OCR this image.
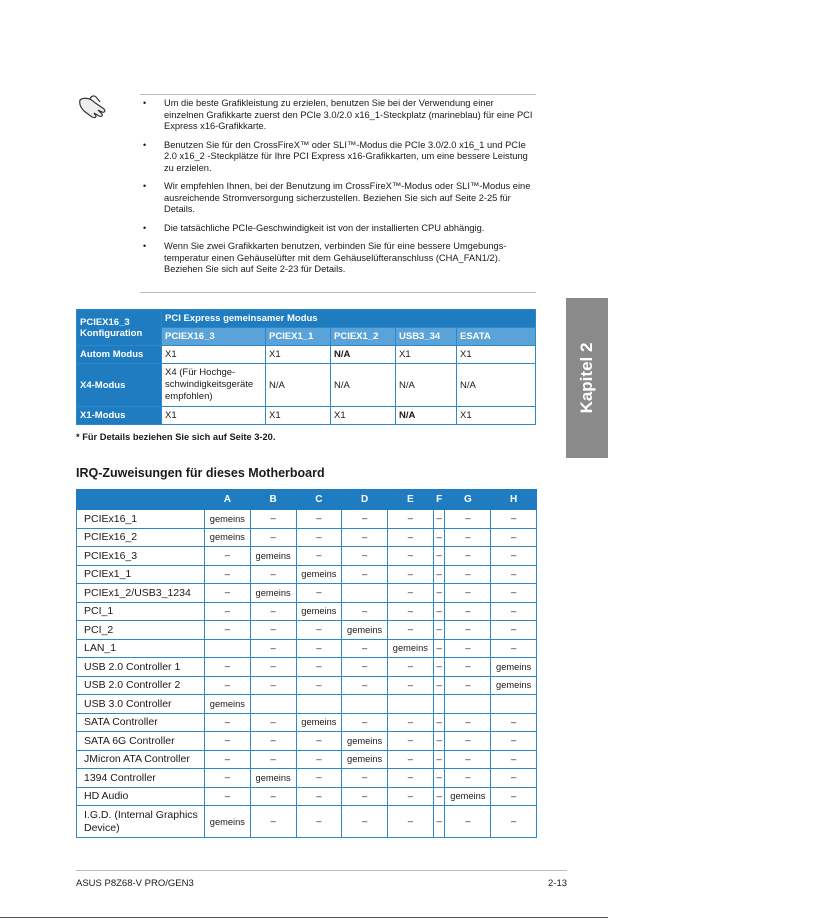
• Um die beste Grafikleistung zu erzielen, benutzen Sie bei der Verwendung einer einzelnen Grafikkarte zuerst den PCIe 3.0/2.0 x16_1-Steckplatz (marineblau) für eine PCI Express x16-Grafikkarte.
• Benutzen Sie für den CrossFireX™ oder SLI™-Modus die PCIe 3.0/2.0 x16_1 und PCIe 2.0 x16_2 -Steckplätze für Ihre PCI Express x16-Grafikkarten, um eine bessere Leistung zu erzielen.
• Wir empfehlen Ihnen, bei der Benutzung im CrossFireX™-Modus oder SLI™-Modus eine ausreichende Stromversorgung sicherzustellen. Beziehen Sie sich auf Seite 2-25 für Details.
• Die tatsächliche PCIe-Geschwindigkeit ist von der installierten CPU abhängig.
• Wenn Sie zwei Grafikkarten benutzen, verbinden Sie für eine bessere Umgebungs-temperatur einen Gehäuselüfter mit dem Gehäuselüfteranschluss (CHA_FAN1/2). Beziehen Sie sich auf Seite 2-23 für Details.
PCIEX16_3
Konfiguration	PCI Express gemeinsamer Modus				
	PCIEX16_3	PCIEX1_1	PCIEX1_2	USB3_34	ESATA
Autom Modus	X1	X1	N/A	X1	X1
X4-Modus	X4 (Für Hochge-schwindigkeitsgeräte empfohlen)	N/A	N/A	N/A	N/A
X1-Modus	X1	X1	X1	N/A	X1
* Für Details beziehen Sie sich auf Seite 3-20.
Kapitel 2
IRQ-Zuweisungen für dieses Motherboard
	A	B	C	D	E	F	G	H
PCIEx16_1	gemeins	–	–	–	–	–	–	–
PCIEx16_2	gemeins	–	–	–	–	–	–	–
PCIEx16_3	–	gemeins	–	–	–	–	–	–
PCIEx1_1	–	–	gemeins	–	–	–	–	–
PCIEx1_2/USB3_1234	–	gemeins	–		–	–	–	–
PCI_1	–	–	gemeins	–	–	–	–	–
PCI_2	–	–	–	gemeins	–	–	–	–
LAN_1		–	–	–	gemeins	–	–	–
USB 2.0 Controller 1	–	–	–	–	–	–	–	gemeins
USB 2.0 Controller 2	–	–	–	–	–	–	–	gemeins
USB 3.0 Controller	gemeins							
SATA Controller	–	–	gemeins	–	–	–	–	–
SATA 6G Controller	–	–	–	gemeins	–	–	–	–
JMicron ATA Controller	–	–	–	gemeins	–	–	–	–
1394 Controller	–	gemeins	–	–	–	–	–	–
HD Audio	–	–	–	–	–	–	gemeins	–
I.G.D. (Internal Graphics Device)	gemeins	–	–	–	–	–	–	–
ASUS P8Z68-V PRO/GEN3	2-13
